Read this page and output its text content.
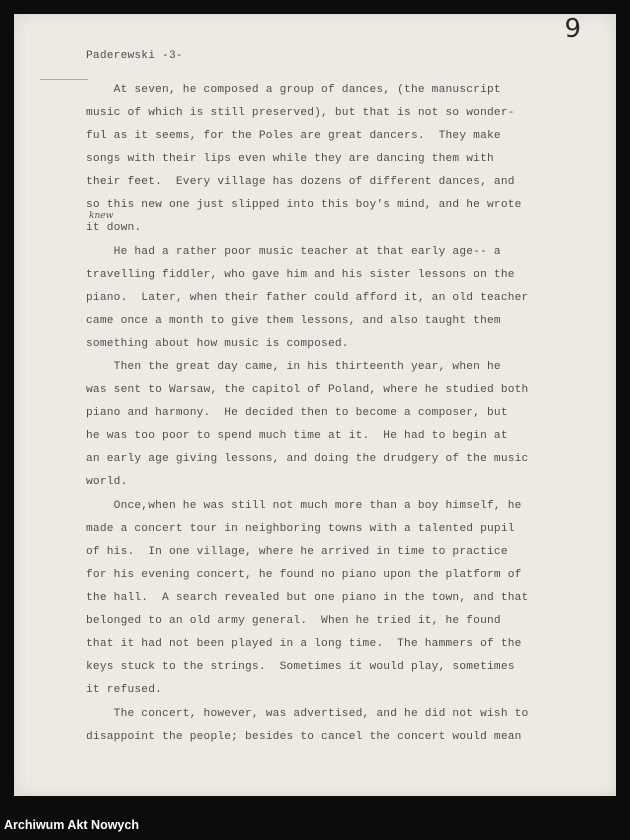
9
Paderewski -3-
knew
At seven, he composed a group of dances, (the manuscript
music of which is still preserved), but that is not so wonder-
ful as it seems, for the Poles are great dancers.  They make
songs with their lips even while they are dancing them with
their feet.  Every village has dozens of different dances, and
so this new one just slipped into this boy's mind, and he wrote
it down.
He had a rather poor music teacher at that early age-- a
travelling fiddler, who gave him and his sister lessons on the
piano.  Later, when their father could afford it, an old teacher
came once a month to give them lessons, and also taught them
something about how music is composed.
Then the great day came, in his thirteenth year, when he
was sent to Warsaw, the capitol of Poland, where he studied both
piano and harmony.  He decided then to become a composer, but
he was too poor to spend much time at it.  He had to begin at
an early age giving lessons, and doing the drudgery of the music
world.
Once,when he was still not much more than a boy himself, he
made a concert tour in neighboring towns with a talented pupil
of his.  In one village, where he arrived in time to practice
for his evening concert, he found no piano upon the platform of
the hall.  A search revealed but one piano in the town, and that
belonged to an old army general.  When he tried it, he found
that it had not been played in a long time.  The hammers of the
keys stuck to the strings.  Sometimes it would play, sometimes
it refused.
The concert, however, was advertised, and he did not wish to
disappoint the people; besides to cancel the concert would mean
Archiwum Akt Nowych
